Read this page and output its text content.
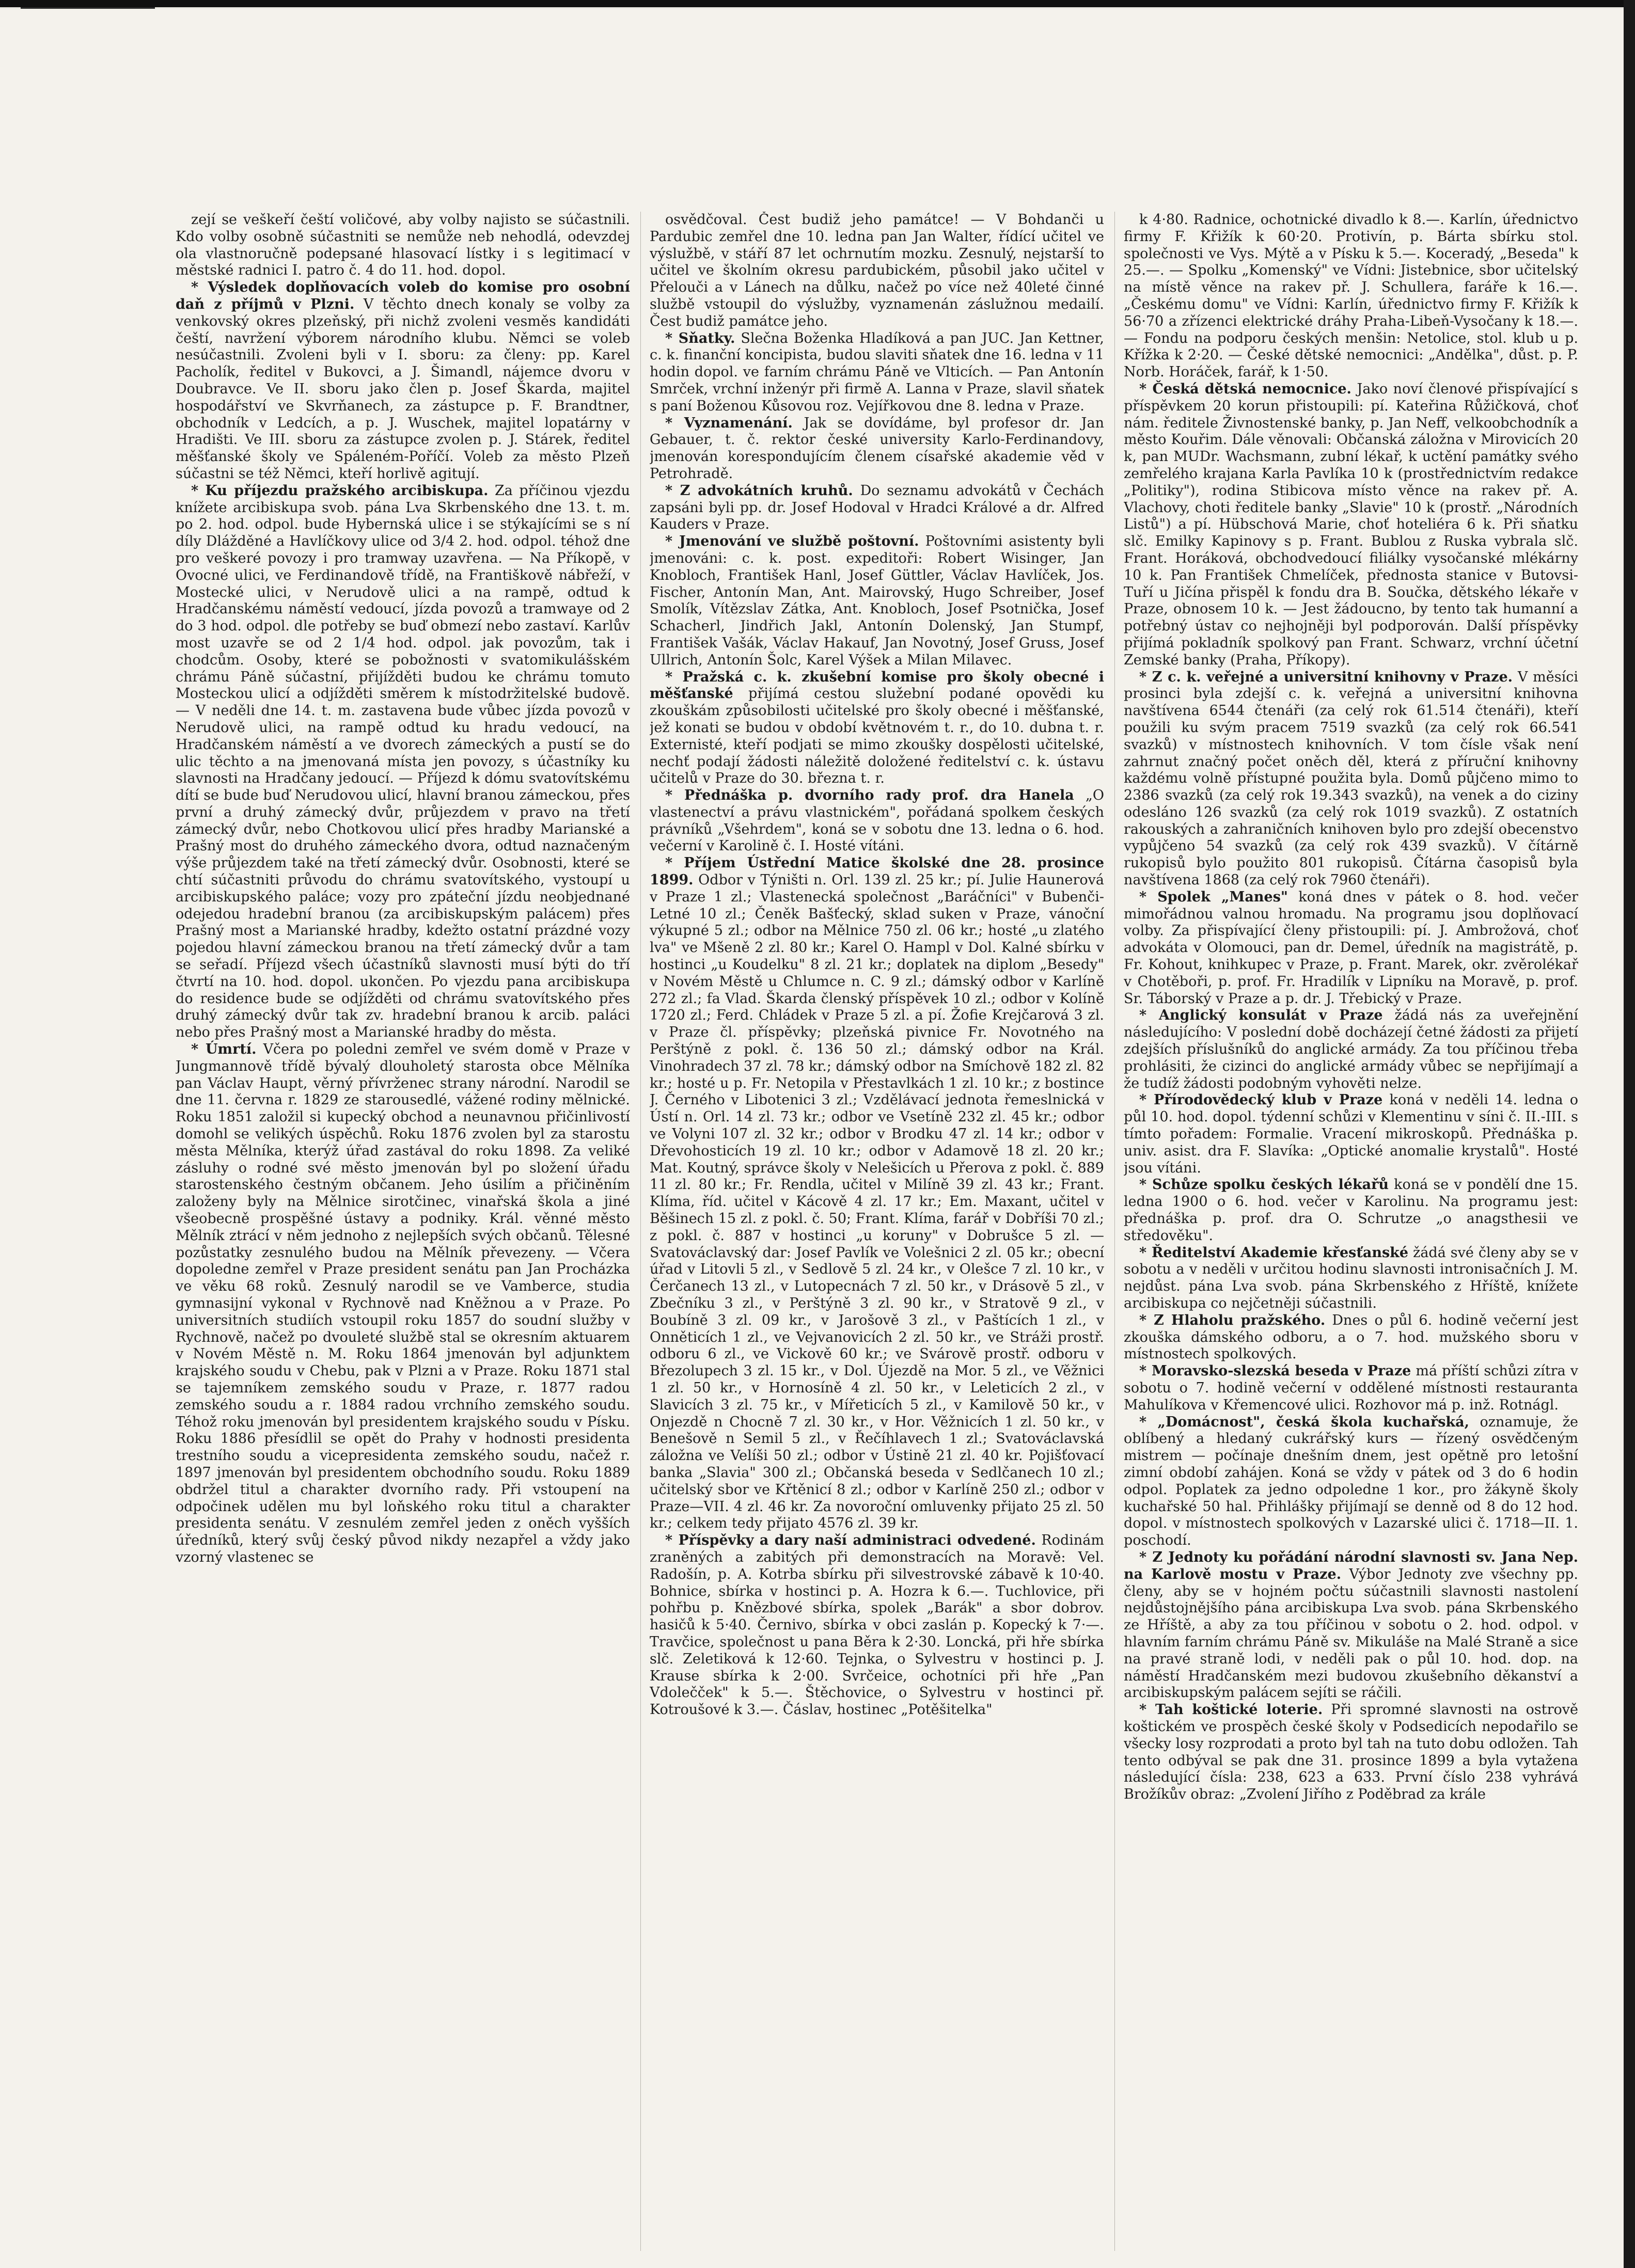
zejí se veškeří čeští voličové, aby volby najisto se súčastnili. Kdo volby osobně súčastniti se nemůže neb nehodlá, odevzdej ola vlastnoručně podepsané hlasovací lístky i s legitimací v městské radnici I. patro č. 4 do 11. hod. dopol.

* Výsledek doplňovacích voleb do komise pro osobní daň z příjmů v Plzni. V těchto dnech konaly se volby za venkovský okres plzeňský, při nichž zvoleni vesměs kandidáti čeští, navržení výborem národního klubu. Němci se voleb nesúčastnili. Zvoleni byli v I. sboru: za členy: pp. Karel Pacholík, ředitel v Bukovci, a J. Šimandl, nájemce dvoru v Doubravce. Ve II. sboru jako člen p. Josef Škarda, majitel hospodářství ve Skvrňanech, za zástupce p. F. Brandtner, obchodník v Ledcích, a p. J. Wuschek, majitel lopatárny v Hradišti. Ve III. sboru za zástupce zvolen p. J. Stárek, ředitel měšťanské školy ve Spáleném-Poříčí. Voleb za město Plzeň súčastni se též Němci, kteří horlivě agitují.

* Ku příjezdu pražského arcibiskupa. Za příčinou vjezdu knížete arcibiskupa svob. pána Lva Skrbenského dne 13. t. m. po 2. hod. odpol. bude Hybernská ulice i se stýkajícími se s ní díly Dlážděné a Havlíčkovy ulice od 3/4 2. hod. odpol. téhož dne pro veškeré povozy i pro tramway uzavřena. — Na Příkopě, v Ovocné ulici, ve Ferdinandově třídě, na Františkově nábřeží, v Mostecké ulici, v Nerudově ulici a na rampě, odtud k Hradčanskému náměstí vedoucí, jízda povozů a tramwaye od 2 do 3 hod. odpol. dle potřeby se buď obmezí nebo zastaví. Karlův most uzavře se od 2 1/4 hod. odpol. jak povozům, tak i chodcům. Osoby, které se pobožnosti v svatomikulášském chrámu Páně súčastní, přijížděti budou ke chrámu tomuto Mosteckou ulicí a odjížděti směrem k místodržitelské budově. — V neděli dne 14. t. m. zastavena bude vůbec jízda povozů v Nerudově ulici, na rampě odtud ku hradu vedoucí, na Hradčanském náměstí a ve dvorech zámeckých a pustí se do ulic těchto a na jmenovaná místa jen povozy, s účastníky ku slavnosti na Hradčany jedoucí. — Příjezd k dómu svatovítskému dítí se bude buď Nerudovou ulicí, hlavní branou zámeckou, přes první a druhý zámecký dvůr, průjezdem v pravo na třetí zámecký dvůr, nebo Chotkovou ulicí přes hradby Marianské a Prašný most do druhého zámeckého dvora, odtud naznačeným výše průjezdem také na třetí zámecký dvůr. Osobnosti, které se chtí súčastniti průvodu do chrámu svatovítského, vystoupí u arcibiskupského paláce; vozy pro zpáteční jízdu neobjednané odejedou hradební branou (za arcibiskupským palácem) přes Prašný most a Marianské hradby, kdežto ostatní prázdné vozy pojedou hlavní zámeckou branou na třetí zámecký dvůr a tam se seřadí. Příjezd všech účastníků slavnosti musí býti do tří čtvrtí na 10. hod. dopol. ukončen. Po vjezdu pana arcibiskupa do residence bude se odjížděti od chrámu svatovítského přes druhý zámecký dvůr tak zv. hradební branou k arcib. paláci nebo přes Prašný most a Marianské hradby do města.

* Úmrtí. Včera po poledni zemřel ve svém domě v Praze v Jungmannově třídě bývalý dlouholetý starosta obce Mělníka pan Václav Haupt, věrný přívrženec strany národní. Narodil se dne 11. června r. 1829 ze starousedlé, vážené rodiny mělnické. Roku 1851 založil si kupecký obchod a neunavnou přičinlivostí domohl se velikých úspěchů. Roku 1876 zvolen byl za starostu města Mělníka, kterýž úřad zastával do roku 1898. Za veliké zásluhy o rodné své město jmenován byl po složení úřadu starostenského čestným občanem. Jeho úsilím a přičiněním založeny byly na Mělnice sirotčinec, vinařská škola a jiné všeobecně prospěšné ústavy a podniky. Král. věnné město Mělník ztrácí v něm jednoho z nejlepších svých občanů. Tělesné pozůstatky zesnulého budou na Mělník převezeny. — Včera dopoledne zemřel v Praze president senátu pan Jan Procházka ve věku 68 roků. Zesnulý narodil se ve Vamberce, studia gymnasijní vykonal v Rychnově nad Kněžnou a v Praze. Po universitních studiích vstoupil roku 1857 do soudní služby v Rychnově, načež po dvouleté službě stal se okresním aktuarem v Novém Městě n. M. Roku 1864 jmenován byl adjunktem krajského soudu v Chebu, pak v Plzni a v Praze. Roku 1871 stal se tajemníkem zemského soudu v Praze, r. 1877 radou zemského soudu a r. 1884 radou vrchního zemského soudu. Téhož roku jmenován byl presidentem krajského soudu v Písku. Roku 1886 přesídlil se opět do Prahy v hodnosti presidenta trestního soudu a vicepresidenta zemského soudu, načež r. 1897 jmenován byl presidentem obchodního soudu. Roku 1889 obdržel titul a charakter dvorního rady. Při vstoupení na odpočinek udělen mu byl loňského roku titul a charakter presidenta senátu. V zesnulém zemřel jeden z oněch vyšších úředníků, který svůj český původ nikdy nezapřel a vždy jako vzorný vlastenec se

osvědčoval. Čest budiž jeho památce! — V Bohdanči u Pardubic zemřel dne 10. ledna pan Jan Walter, řídící učitel ve výslužbě, v stáří 87 let ochrnutím mozku. Zesnulý, nejstarší to učitel ve školním okresu pardubickém, působil jako učitel v Přelouči a v Lánech na důlku, načež po více než 40leté činné službě vstoupil do výslužby, vyznamenán záslužnou medailí. Čest budiž památce jeho.

* Sňatky. Slečna Boženka Hladíková a pan JUC. Jan Kettner, c. k. finanční koncipista, budou slaviti sňatek dne 16. ledna v 11 hodin dopol. ve farním chrámu Páně ve Vlticích. — Pan Antonín Smrček, vrchní inženýr při firmě A. Lanna v Praze, slavil sňatek s paní Boženou Kůsovou roz. Vejířkovou dne 8. ledna v Praze.

* Vyznamenání. Jak se dovídáme, byl profesor dr. Jan Gebauer, t. č. rektor české university Karlo-Ferdinandovy, jmenován korespondujícím členem císařské akademie věd v Petrohradě.

* Z advokátních kruhů. Do seznamu advokátů v Čechách zapsáni byli pp. dr. Josef Hodoval v Hradci Králové a dr. Alfred Kauders v Praze.

* Jmenování ve službě poštovní. Poštovními asistenty byli jmenováni: c. k. post. expeditoři: Robert Wisinger, Jan Knobloch, František Hanl, Josef Güttler, Václav Havlíček, Jos. Fischer, Antonín Man, Ant. Mairovský, Hugo Schreiber, Josef Smolík, Vítězslav Zátka, Ant. Knobloch, Josef Psotnička, Josef Schacherl, Jindřich Jakl, Antonín Dolenský, Jan Stumpf, František Vašák, Václav Hakauf, Jan Novotný, Josef Gruss, Josef Ullrich, Antonín Šolc, Karel Výšek a Milan Milavec.

* Pražská c. k. zkušební komise pro školy obecné i měšťanské přijímá cestou služební podané opovědi ku zkouškám způsobilosti učitelské pro školy obecné i měšťanské, jež konati se budou v období květnovém t. r., do 10. dubna t. r. Externisté, kteří podjati se mimo zkoušky dospělosti učitelské, nechť podají žádosti náležitě doložené ředitelství c. k. ústavu učitelů v Praze do 30. března t. r.

* Přednáška p. dvorního rady prof. dra Hanela „O vlastenectví a právu vlastnickém", pořádaná spolkem českých právníků „Všehrdem", koná se v sobotu dne 13. ledna o 6. hod. večerní v Karolině č. I. Hosté vítáni.

* Příjem Ústřední Matice školské dne 28. prosince 1899. Odbor v Týništi n. Orl. 139 zl. 25 kr.; pí. Julie Haunerová v Praze 1 zl.; Vlastenecká společnost „Baráčníci" v Bubenči-Letné 10 zl.; Čeněk Bašťecký, sklad suken v Praze, vánoční výkupné 5 zl.; odbor na Mělnice 750 zl. 06 kr.; hosté „u zlatého lva" ve Mšeně 2 zl. 80 kr.; Karel O. Hampl v Dol. Kalné sbírku v hostinci „u Koudelku" 8 zl. 21 kr.; doplatek na diplom „Besedy" v Novém Městě u Chlumce n. C. 9 zl.; dámský odbor v Karlíně 272 zl.; fa Vlad. Škarda členský příspěvek 10 zl.; odbor v Kolíně 1720 zl.; Ferd. Chládek v Praze 5 zl. a pí. Žofie Krejčarová 3 zl. v Praze čl. příspěvky; plzeňská pivnice Fr. Novotného na Perštýně z pokl. č. 136 50 zl.; dámský odbor na Král. Vinohradech 37 zl. 78 kr.; dámský odbor na Smíchově 182 zl. 82 kr.; hosté u p. Fr. Netopila v Přestavlkách 1 zl. 10 kr.; z bostince J. Černého v Libotenici 3 zl.; Vzdělávací jednota řemeslnická v Ústí n. Orl. 14 zl. 73 kr.; odbor ve Vsetíně 232 zl. 45 kr.; odbor ve Volyni 107 zl. 32 kr.; odbor v Brodku 47 zl. 14 kr.; odbor v Dřevohosticích 19 zl. 10 kr.; odbor v Adamově 18 zl. 20 kr.; Mat. Koutný, správce školy v Nelešicích u Přerova z pokl. č. 889 11 zl. 80 kr.; Fr. Rendla, učitel v Milíně 39 zl. 43 kr.; Frant. Klíma, říd. učitel v Kácově 4 zl. 17 kr.; Em. Maxant, učitel v Běšinech 15 zl. z pokl. č. 50; Frant. Klíma, farář v Dobříši 70 zl.; z pokl. č. 887 v hostinci „u koruny" v Dobrušce 5 zl. — Svatováclavský dar: Josef Pavlík ve Volešnici 2 zl. 05 kr.; obecní úřad v Litovli 5 zl., v Sedlově 5 zl. 24 kr., v Olešce 7 zl. 10 kr., v Čerčanech 13 zl., v Lutopecnách 7 zl. 50 kr., v Drásově 5 zl., v Zbečníku 3 zl., v Perštýně 3 zl. 90 kr., v Stratově 9 zl., v Boubíně 3 zl. 09 kr., v Jarošově 3 zl., v Paštících 1 zl., v Onněticích 1 zl., ve Vejvanovicích 2 zl. 50 kr., ve Stráži prostř. odboru 6 zl., ve Vickově 60 kr.; ve Svárově prostř. odboru v Březolupech 3 zl. 15 kr., v Dol. Újezdě na Mor. 5 zl., ve Věžnici 1 zl. 50 kr., v Hornosíně 4 zl. 50 kr., v Leleticích 2 zl., v Slavicích 3 zl. 75 kr., v Mířeticích 5 zl., v Kamilově 50 kr., v Onjezdě n Chocně 7 zl. 30 kr., v Hor. Věžnicích 1 zl. 50 kr., v Benešově n Semil 5 zl., v Řečíhlavech 1 zl.; Svatováclavská záložna ve Velíši 50 zl.; odbor v Ústině 21 zl. 40 kr. Pojišťovací banka „Slavia" 300 zl.; Občanská beseda v Sedlčanech 10 zl.; učitelský sbor ve Křtěnicí 8 zl.; odbor v Karlíně 250 zl.; odbor v Praze—VII. 4 zl. 46 kr. Za novoroční omluvenky přijato 25 zl. 50 kr.; celkem tedy přijato 4576 zl. 39 kr.

* Příspěvky a dary naší administraci odvedené. Rodinám zraněných a zabitých při demonstracích na Moravě: Vel. Radošín, p. A. Kotrba sbírku při silvestrovské zábavě k 10·40. Bohnice, sbírka v hostinci p. A. Hozra k 6.—. Tuchlovice, při pohřbu p. Knězbové sbírka, spolek „Barák" a sbor dobrov. hasičů k 5·40. Černivo, sbírka v obci zaslán p. Kopecký k 7·—. Travčice, společnost u pana Běra k 2·30. Loncká, při hře sbírka slč. Zeletiková k 12·60. Tejnka, o Sylvestru v hostinci p. J. Krause sbírka k 2·00. Svrčeice, ochotníci při hře „Pan Vdolečček" k 5.—. Štěchovice, o Sylvestru v hostinci př. Kotroušové k 3.—. Čáslav, hostinec „Potěšitelka"

k 4·80. Radnice, ochotnické divadlo k 8.—. Karlín, úřednictvo firmy F. Křižík k 60·20. Protivín, p. Bárta sbírku stol. společnosti ve Vys. Mýtě a v Písku k 5.—. Koceradý, „Beseda" k 25.—. — Spolku „Komenský" ve Vídni: Jistebnice, sbor učitelský na místě věnce na rakev př. J. Schullera, faráře k 16.—. „Českému domu" ve Vídni: Karlín, úřednictvo firmy F. Křižík k 56·70 a zřízenci elektrické dráhy Praha-Libeň-Vysočany k 18.—. — Fondu na podporu českých menšin: Netolice, stol. klub u p. Křížka k 2·20. — České dětské nemocnici: „Andělka", důst. p. P. Norb. Horáček, farář, k 1·50.

* Česká dětská nemocnice. Jako noví členové přispívající s příspěvkem 20 korun přistoupili: pí. Kateřina Růžičková, choť nám. ředitele Živnostenské banky, p. Jan Neff, velkoobchodník a město Kouřim. Dále věnovali: Občanská záložna v Mirovicích 20 k, pan MUDr. Wachsmann, zubní lékař, k uctění památky svého zemřelého krajana Karla Pavlíka 10 k (prostřednictvím redakce „Politiky"), rodina Stibicova místo věnce na rakev př. A. Vlachovy, choti ředitele banky „Slavie" 10 k (prostř. „Národních Listů") a pí. Hübschová Marie, choť hoteliéra 6 k. Při sňatku slč. Emilky Kapinovy s p. Frant. Bublou z Ruska vybrala slč. Frant. Horáková, obchodvedoucí filiálky vysočanské mlékárny 10 k. Pan František Chmelíček, přednosta stanice v Butovsi-Tuří u Jičína přispěl k fondu dra B. Součka, dětského lékaře v Praze, obnosem 10 k. — Jest žádoucno, by tento tak humanní a potřebný ústav co nejhojněji byl podporován. Další příspěvky přijímá pokladník spolkový pan Frant. Schwarz, vrchní účetní Zemské banky (Praha, Příkopy).

* Z c. k. veřejné a universitní knihovny v Praze. V měsíci prosinci byla zdejší c. k. veřejná a universitní knihovna navštívena 6544 čtenáři (za celý rok 61.514 čtenáři), kteří použili ku svým pracem 7519 svazků (za celý rok 66.541 svazků) v místnostech knihovních. V tom čísle však není zahrnut značný počet oněch děl, která z příruční knihovny každému volně přístupné použita byla. Domů půjčeno mimo to 2386 svazků (za celý rok 19.343 svazků), na venek a do ciziny odesláno 126 svazků (za celý rok 1019 svazků). Z ostatních rakouských a zahraničních knihoven bylo pro zdejší obecenstvo vypůjčeno 54 svazků (za celý rok 439 svazků). V čítárně rukopisů bylo použito 801 rukopisů. Čítárna časopisů byla navštívena 1868 (za celý rok 7960 čtenáři).

* Spolek „Manes" koná dnes v pátek o 8. hod. večer mimořádnou valnou hromadu. Na programu jsou doplňovací volby. Za přispívající členy přistoupili: pí. J. Ambrožová, choť advokáta v Olomouci, pan dr. Demel, úředník na magistrátě, p. Fr. Kohout, knihkupec v Praze, p. Frant. Marek, okr. zvěrolékař v Chotěboři, p. prof. Fr. Hradilík v Lipníku na Moravě, p. prof. Sr. Táborský v Praze a p. dr. J. Třebický v Praze.

* Anglický konsulát v Praze žádá nás za uveřejnění následujícího: V poslední době docházejí četné žádosti za přijetí zdejších příslušníků do anglické armády. Za tou příčinou třeba prohlásiti, že cizinci do anglické armády vůbec se nepřijímají a že tudíž žádosti podobným vyhověti nelze.

* Přírodovědecký klub v Praze koná v neděli 14. ledna o půl 10. hod. dopol. týdenní schůzi v Klementinu v síni č. II.-III. s tímto pořadem: Formalie. Vracení mikroskopů. Přednáška p. univ. asist. dra F. Slavíka: „Optické anomalie krystalů". Hosté jsou vítáni.

* Schůze spolku českých lékařů koná se v pondělí dne 15. ledna 1900 o 6. hod. večer v Karolinu. Na programu jest: přednáška p. prof. dra O. Schrutze „o anagsthesii ve středověku".

* Ředitelství Akademie křesťanské žádá své členy aby se v sobotu a v neděli v určitou hodinu slavnosti intronisačních J. M. nejdůst. pána Lva svob. pána Skrbenského z Hříště, knížete arcibiskupa co nejčetněji súčastnili.

* Z Hlaholu pražského. Dnes o půl 6. hodině večerní jest zkouška dámského odboru, a o 7. hod. mužského sboru v místnostech spolkových.

* Moravsko-slezská beseda v Praze má příští schůzi zítra v sobotu o 7. hodině večerní v oddělené místnosti restauranta Mahulíkova v Křemencové ulici. Rozhovor má p. inž. Rotnágl.

* „Domácnost", česká škola kuchařská, oznamuje, že oblíbený a hledaný cukrářský kurs — řízený osvědčeným mistrem — počínaje dnešním dnem, jest opětně pro letošní zimní období zahájen. Koná se vždy v pátek od 3 do 6 hodin odpol. Poplatek za jedno odpoledne 1 kor., pro žákyně školy kuchařské 50 hal. Přihlášky přijímají se denně od 8 do 12 hod. dopol. v místnostech spolkových v Lazarské ulici č. 1718—II. 1. poschodí.

* Z Jednoty ku pořádání národní slavnosti sv. Jana Nep. na Karlově mostu v Praze. Výbor Jednoty zve všechny pp. členy, aby se v hojném počtu súčastnili slavnosti nastolení nejdůstojnějšího pána arcibiskupa Lva svob. pána Skrbenského ze Hříště, a aby za tou příčinou v sobotu o 2. hod. odpol. v hlavním farním chrámu Páně sv. Mikuláše na Malé Straně a sice na pravé straně lodi, v neděli pak o půl 10. hod. dop. na náměstí Hradčanském mezi budovou zkušebního děkanství a arcibiskupským palácem sejíti se ráčili.

* Tah koštické loterie. Při spromné slavnosti na ostrově koštickém ve prospěch české školy v Podsedicích nepodařilo se všecky losy rozprodati a proto byl tah na tuto dobu odložen. Tah tento odbýval se pak dne 31. prosince 1899 a byla vytažena následující čísla: 238, 623 a 633. První číslo 238 vyhrává Brožíkův obraz: „Zvolení Jiřího z Poděbrad za krále
